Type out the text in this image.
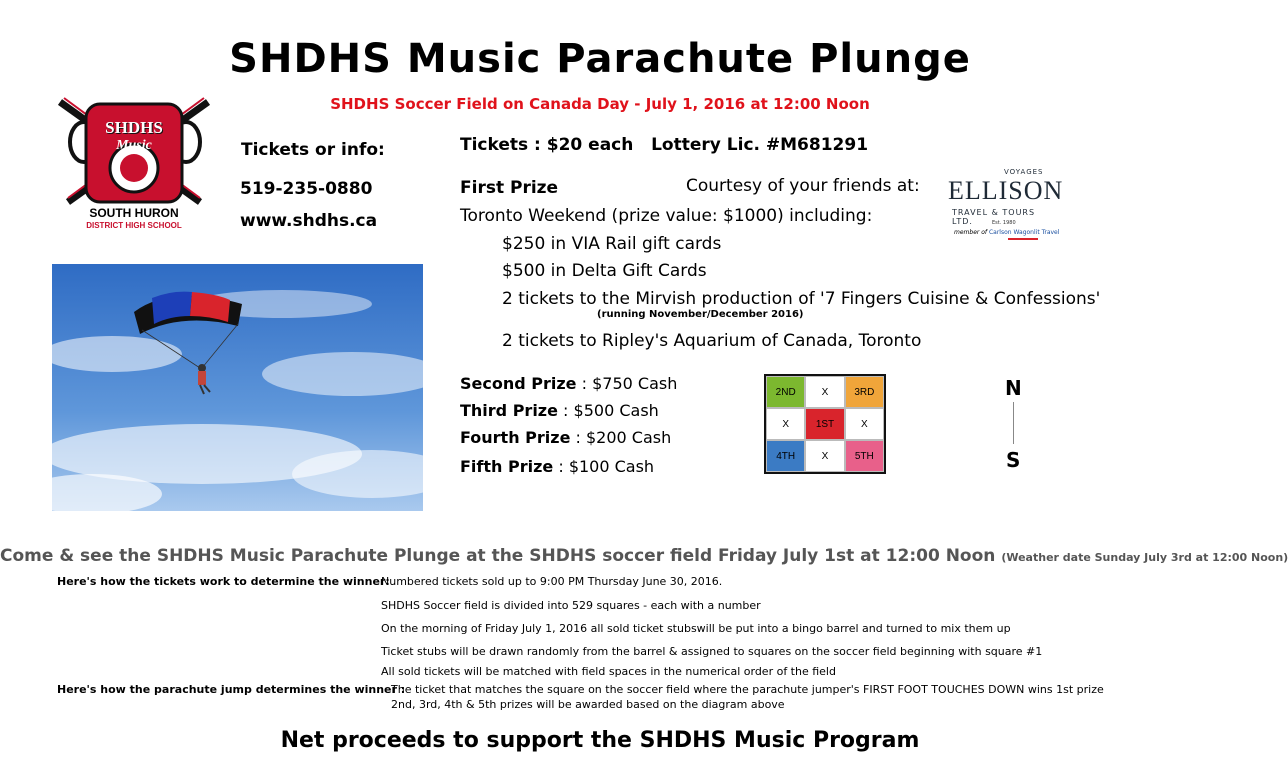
SHDHS Music Parachute Plunge
SHDHS Soccer Field on Canada Day - July 1, 2016 at 12:00 Noon
SHDHS
Music
SOUTH HURON
DISTRICT HIGH SCHOOL
Tickets or info:
519-235-0880
www.shdhs.ca
Tickets : $20 each   Lottery Lic. #M681291
First Prize	Courtesy of your friends at:
Toronto Weekend (prize value: $1000) including:
$250 in VIA Rail gift cards
$500 in Delta Gift Cards
2 tickets to the Mirvish production of '7 Fingers Cuisine & Confessions'
(running November/December 2016)
2 tickets to Ripley's Aquarium of Canada, Toronto
VOYAGES
ELLISON
TRAVEL & TOURS LTD.	Est. 1980
member of Carlson Wagonlit Travel
Second Prize : $750 Cash
Third Prize : $500 Cash
Fourth Prize : $200 Cash
Fifth Prize : $100 Cash
2ND	X	3RD
X	1ST	X
4TH	X	5TH
N
S
Come & see the SHDHS Music Parachute Plunge at the SHDHS soccer field Friday July 1st at 12:00 Noon (Weather date Sunday July 3rd at 12:00 Noon)
Here's how the tickets work to determine the winner:
Numbered tickets sold up to 9:00 PM Thursday June 30, 2016.
SHDHS Soccer field is divided into 529 squares - each with a number
On the morning of Friday July 1, 2016 all sold ticket stubswill be put into a bingo barrel and turned to mix them up
Ticket stubs will be drawn randomly from the barrel & assigned to squares on the soccer field beginning with square #1
All sold tickets will be matched with field spaces in the numerical order of the field
Here's how the parachute jump determines the winner :
The ticket that matches the square on the soccer field where the parachute jumper's FIRST FOOT TOUCHES DOWN wins 1st prize
2nd, 3rd, 4th & 5th prizes will be awarded based on the diagram above
Net proceeds to support the SHDHS Music Program
